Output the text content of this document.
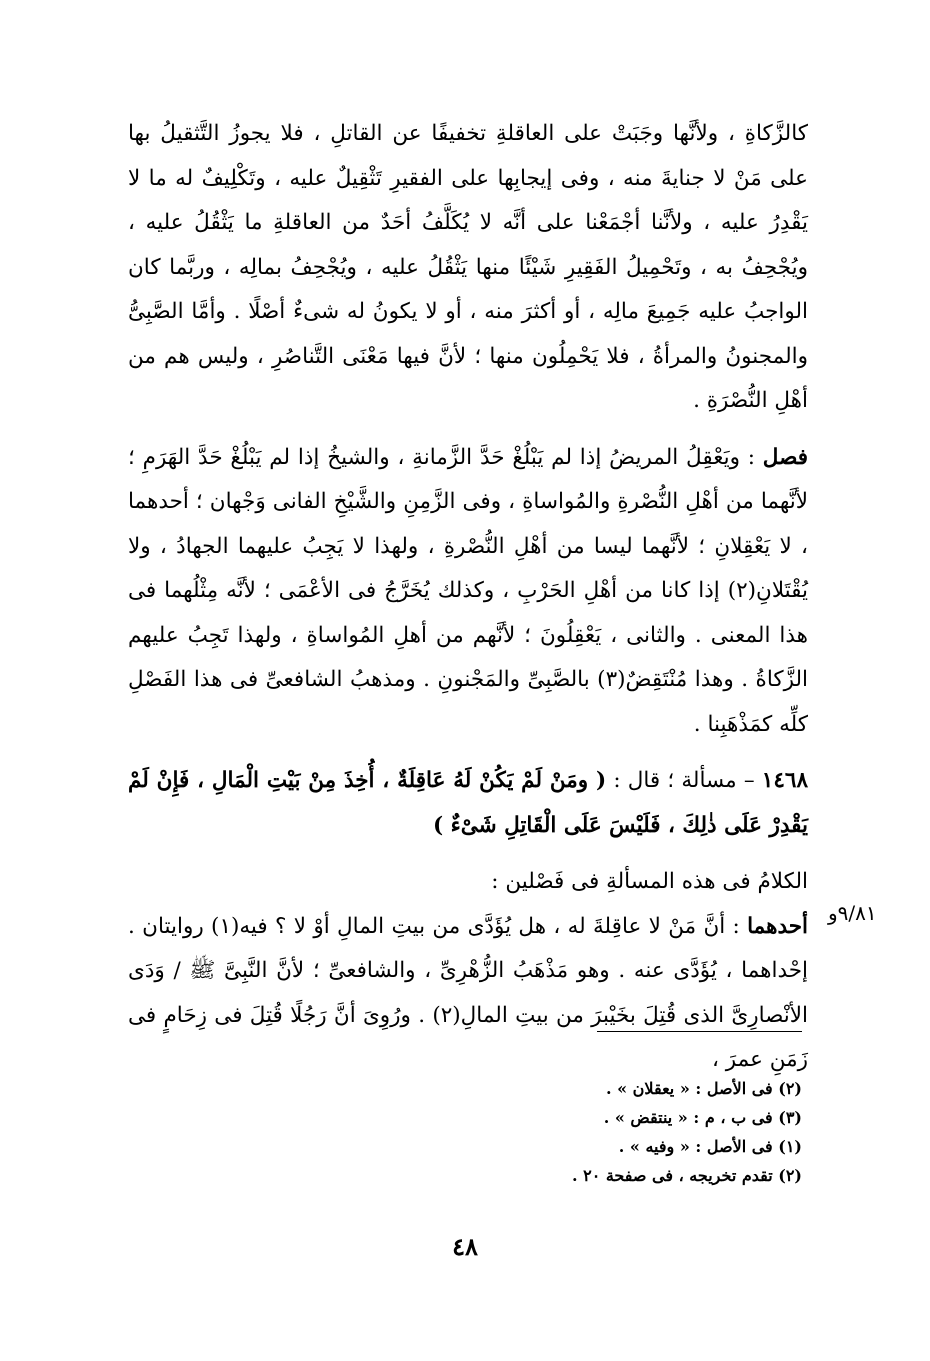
كالزَّكاةِ ، ولأنَّها وجَبَتْ على العاقلةِ تخفيفًا عن القاتلِ ، فلا يجوزُ التَّثقيلُ بها على مَنْ لا جنايةَ منه ، وفى إيجابِها على الفقيرِ تَثْقِيلٌ عليه ، وتَكْلِيفٌ له ما لا يَقْدِرُ عليه ، ولأنَّنا أجْمَعْنا على أنَّه لا يُكَلَّفُ أحَدٌ من العاقلةِ ما يَثْقُلُ عليه ، ويُجْحِفُ به ، وتَحْمِيلُ الفَقِيرِ شَيْئًا منها يَثْقُلُ عليه ، ويُجْحِفُ بمالِه ، وربَّما كان الواجبُ عليه جَمِيعَ مالِه ، أو أكثرَ منه ، أو لا يكونُ له شىءٌ أصْلًا . وأمَّا الصَّبِىُّ والمجنونُ والمرأةُ ، فلا يَحْمِلُون منها ؛ لأنَّ فيها مَعْنَى التَّناصُرِ ، وليس هم من أهْلِ النُّصْرَةِ .

فصل : ويَعْقِلُ المريضُ إذا لم يَبْلُغْ حَدَّ الزَّمانةِ ، والشيخُ إذا لم يَبْلُغْ حَدَّ الهَرَمِ ؛ لأنَّهما من أهْلِ النُّصْرةِ والمُواساةِ ، وفى الزَّمِنِ والشَّيْخِ الفانى وَجْهان ؛ أحدهما ، لا يَعْقِلانِ ؛ لأنَّهما ليسا من أهْلِ النُّصْرةِ ، ولهذا لا يَجِبُ عليهما الجهادُ ، ولا يُقْتَلانِ(٢) إذا كانا من أهْلِ الحَرْبِ ، وكذلك يُخَرَّجُ فى الأعْمَى ؛ لأنَّه مِثْلُهما فى هذا المعنى . والثانى ، يَعْقِلُونَ ؛ لأنَّهم من أهلِ المُواساةِ ، ولهذا تَجِبُ عليهم الزَّكاةُ . وهذا مُنْتَقِضٌ(٣) بالصَّبِىِّ والمَجْنونِ . ومذهبُ الشافعىِّ فى هذا الفَصْلِ كلِّه كمَذْهَبِنا .

١٤٦٨ – مسألة ؛ قال : ( ومَنْ لَمْ يَكُنْ لَهُ عَاقِلَةٌ ، أُخِذَ مِنْ بَيْتِ الْمَالِ ، فَإِنْ لَمْ يَقْدِرْ عَلَى ذٰلِكَ ، فَلَيْسَ عَلَى الْقَاتِلِ شَىْءٌ )

الكلامُ فى هذه المسألةِ فى فَصْلين :

أحدهما : أنَّ مَنْ لا عاقِلةَ له ، هل يُؤَدَّى من بيتِ المالِ أوْ لا ؟ فيه(١) روايتان . إحْداهما ، يُؤَدَّى عنه . وهو مَذْهَبُ الزُّهْرِىِّ ، والشافعىِّ ؛ لأنَّ النَّبِىَّ ﷺ / وَدَى الأنْصارِىَّ الذى قُتِلَ بخَيْبرَ من بيتِ المالِ(٢) . ورُوِىَ أنَّ رَجُلًا قُتِلَ فى زِحَامٍ فى زَمَنِ عمرَ ،

٩/٨١و

(٢) فى الأصل : « يعقلان » .

(٣) فى ب ، م : « ينتقض » .

(١) فى الأصل : « وفيه » .

(٢) تقدم تخريجه ، فى صفحة ٢٠ .

٤٨
